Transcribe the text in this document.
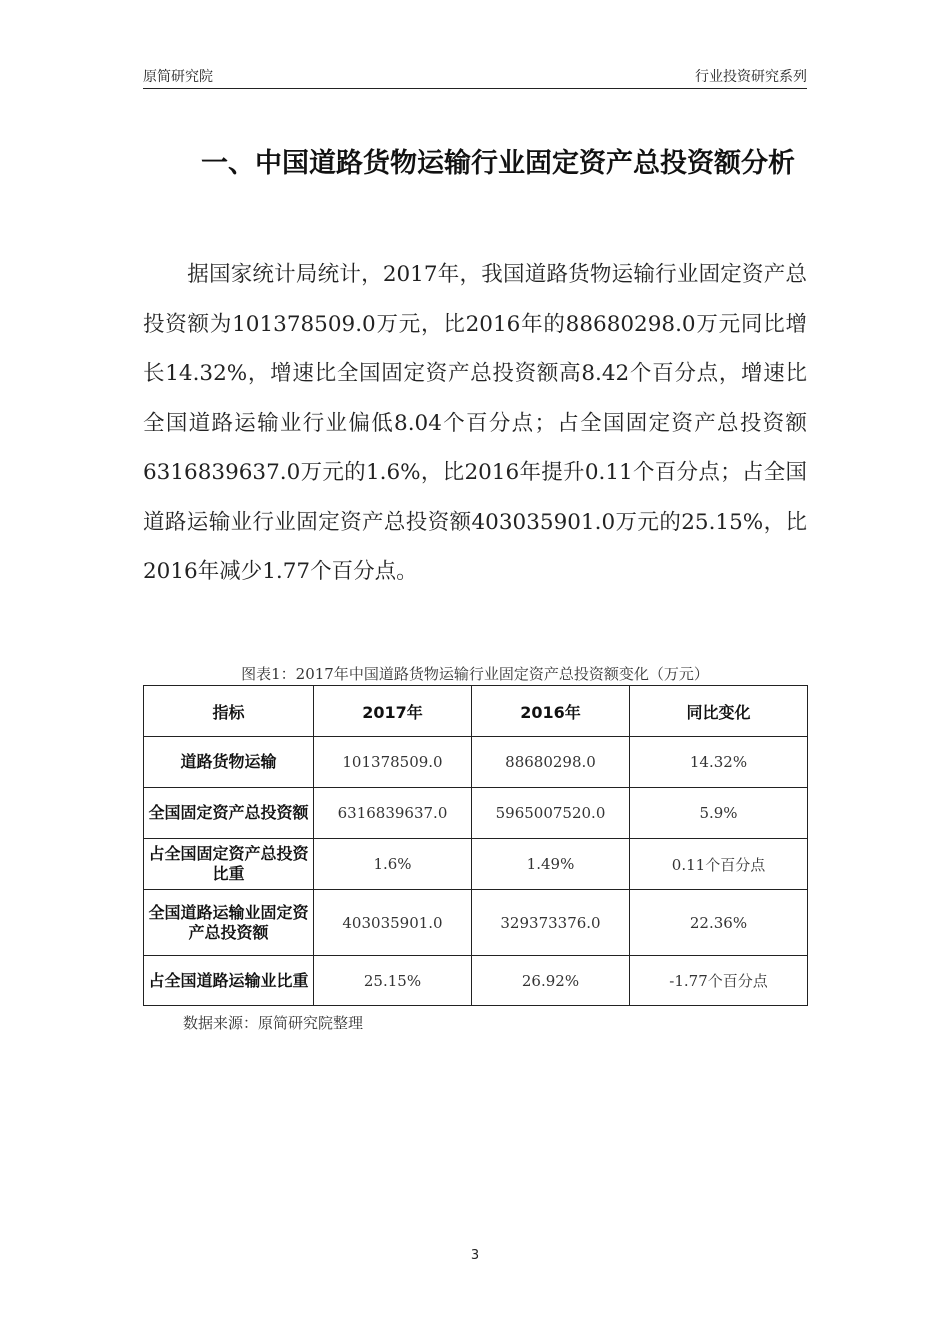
原简研究院	行业投资研究系列
一、中国道路货物运输行业固定资产总投资额分析
据国家统计局统计，2017年，我国道路货物运输行业固定资产总投资额为101378509.0万元，比2016年的88680298.0万元同比增长14.32%，增速比全国固定资产总投资额高8.42个百分点，增速比全国道路运输业行业偏低8.04个百分点；占全国固定资产总投资额6316839637.0万元的1.6%，比2016年提升0.11个百分点；占全国道路运输业行业固定资产总投资额403035901.0万元的25.15%，比2016年减少1.77个百分点。
图表1：2017年中国道路货物运输行业固定资产总投资额变化（万元）
指标	2017年	2016年	同比变化
道路货物运输	101378509.0	88680298.0	14.32%
全国固定资产总投资额	6316839637.0	5965007520.0	5.9%
占全国固定资产总投资比重	1.6%	1.49%	0.11个百分点
全国道路运输业固定资产总投资额	403035901.0	329373376.0	22.36%
占全国道路运输业比重	25.15%	26.92%	-1.77个百分点
数据来源：原简研究院整理
3
